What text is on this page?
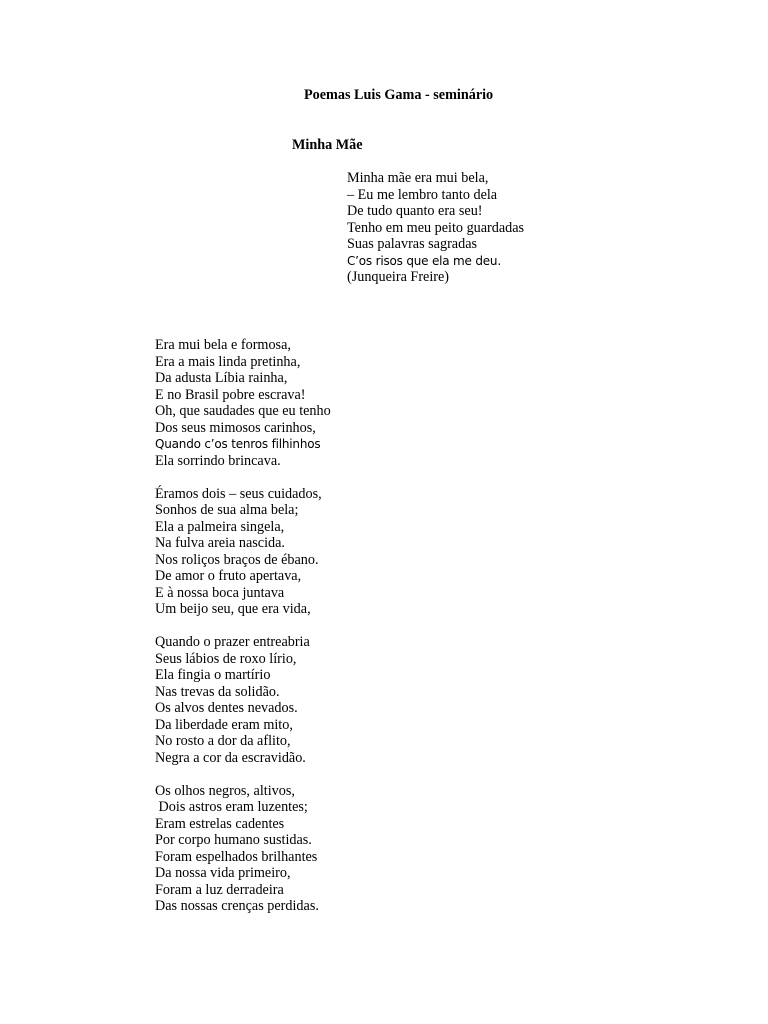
Poemas Luis Gama - seminário
Minha Mãe
Minha mãe era mui bela,
– Eu me lembro tanto dela
De tudo quanto era seu!
Tenho em meu peito guardadas
Suas palavras sagradas
C’os risos que ela me deu.
(Junqueira Freire)
Era mui bela e formosa,
Era a mais linda pretinha,
Da adusta Líbia rainha,
E no Brasil pobre escrava!
Oh, que saudades que eu tenho
Dos seus mimosos carinhos,
Quando c’os tenros filhinhos
Ela sorrindo brincava.
Éramos dois – seus cuidados,
Sonhos de sua alma bela;
Ela a palmeira singela,
Na fulva areia nascida.
Nos roliços braços de ébano.
De amor o fruto apertava,
E à nossa boca juntava
Um beijo seu, que era vida,
Quando o prazer entreabria
Seus lábios de roxo lírio,
Ela fingia o martírio
Nas trevas da solidão.
Os alvos dentes nevados.
Da liberdade eram mito,
No rosto a dor da aflito,
Negra a cor da escravidão.
Os olhos negros, altivos,
Dois astros eram luzentes;
Eram estrelas cadentes
Por corpo humano sustidas.
Foram espelhados brilhantes
Da nossa vida primeiro,
Foram a luz derradeira
Das nossas crenças perdidas.
